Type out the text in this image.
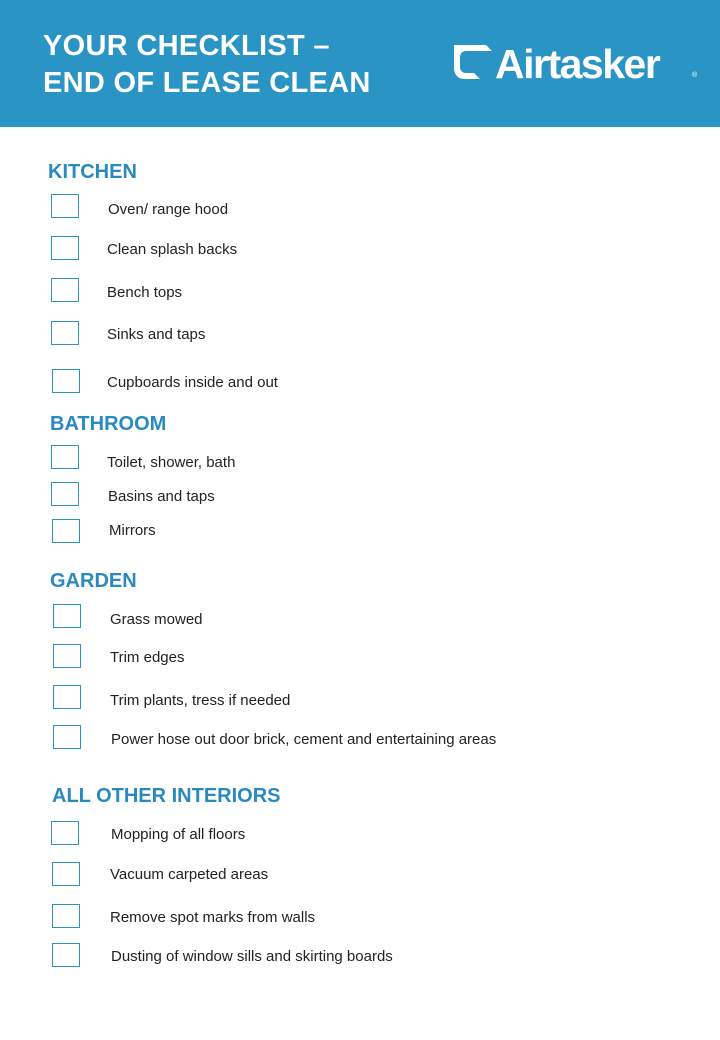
YOUR CHECKLIST –
END OF LEASE CLEAN	Airtasker	®
KITCHEN
Oven/ range hood
Clean splash backs
Bench tops
Sinks and taps
Cupboards inside and out
BATHROOM
Toilet, shower, bath
Basins and taps
Mirrors
GARDEN
Grass mowed
Trim edges
Trim plants, tress if needed
Power hose out door brick, cement and entertaining areas
ALL OTHER INTERIORS
Mopping of all floors
Vacuum carpeted areas
Remove spot marks from walls
Dusting of window sills and skirting boards
